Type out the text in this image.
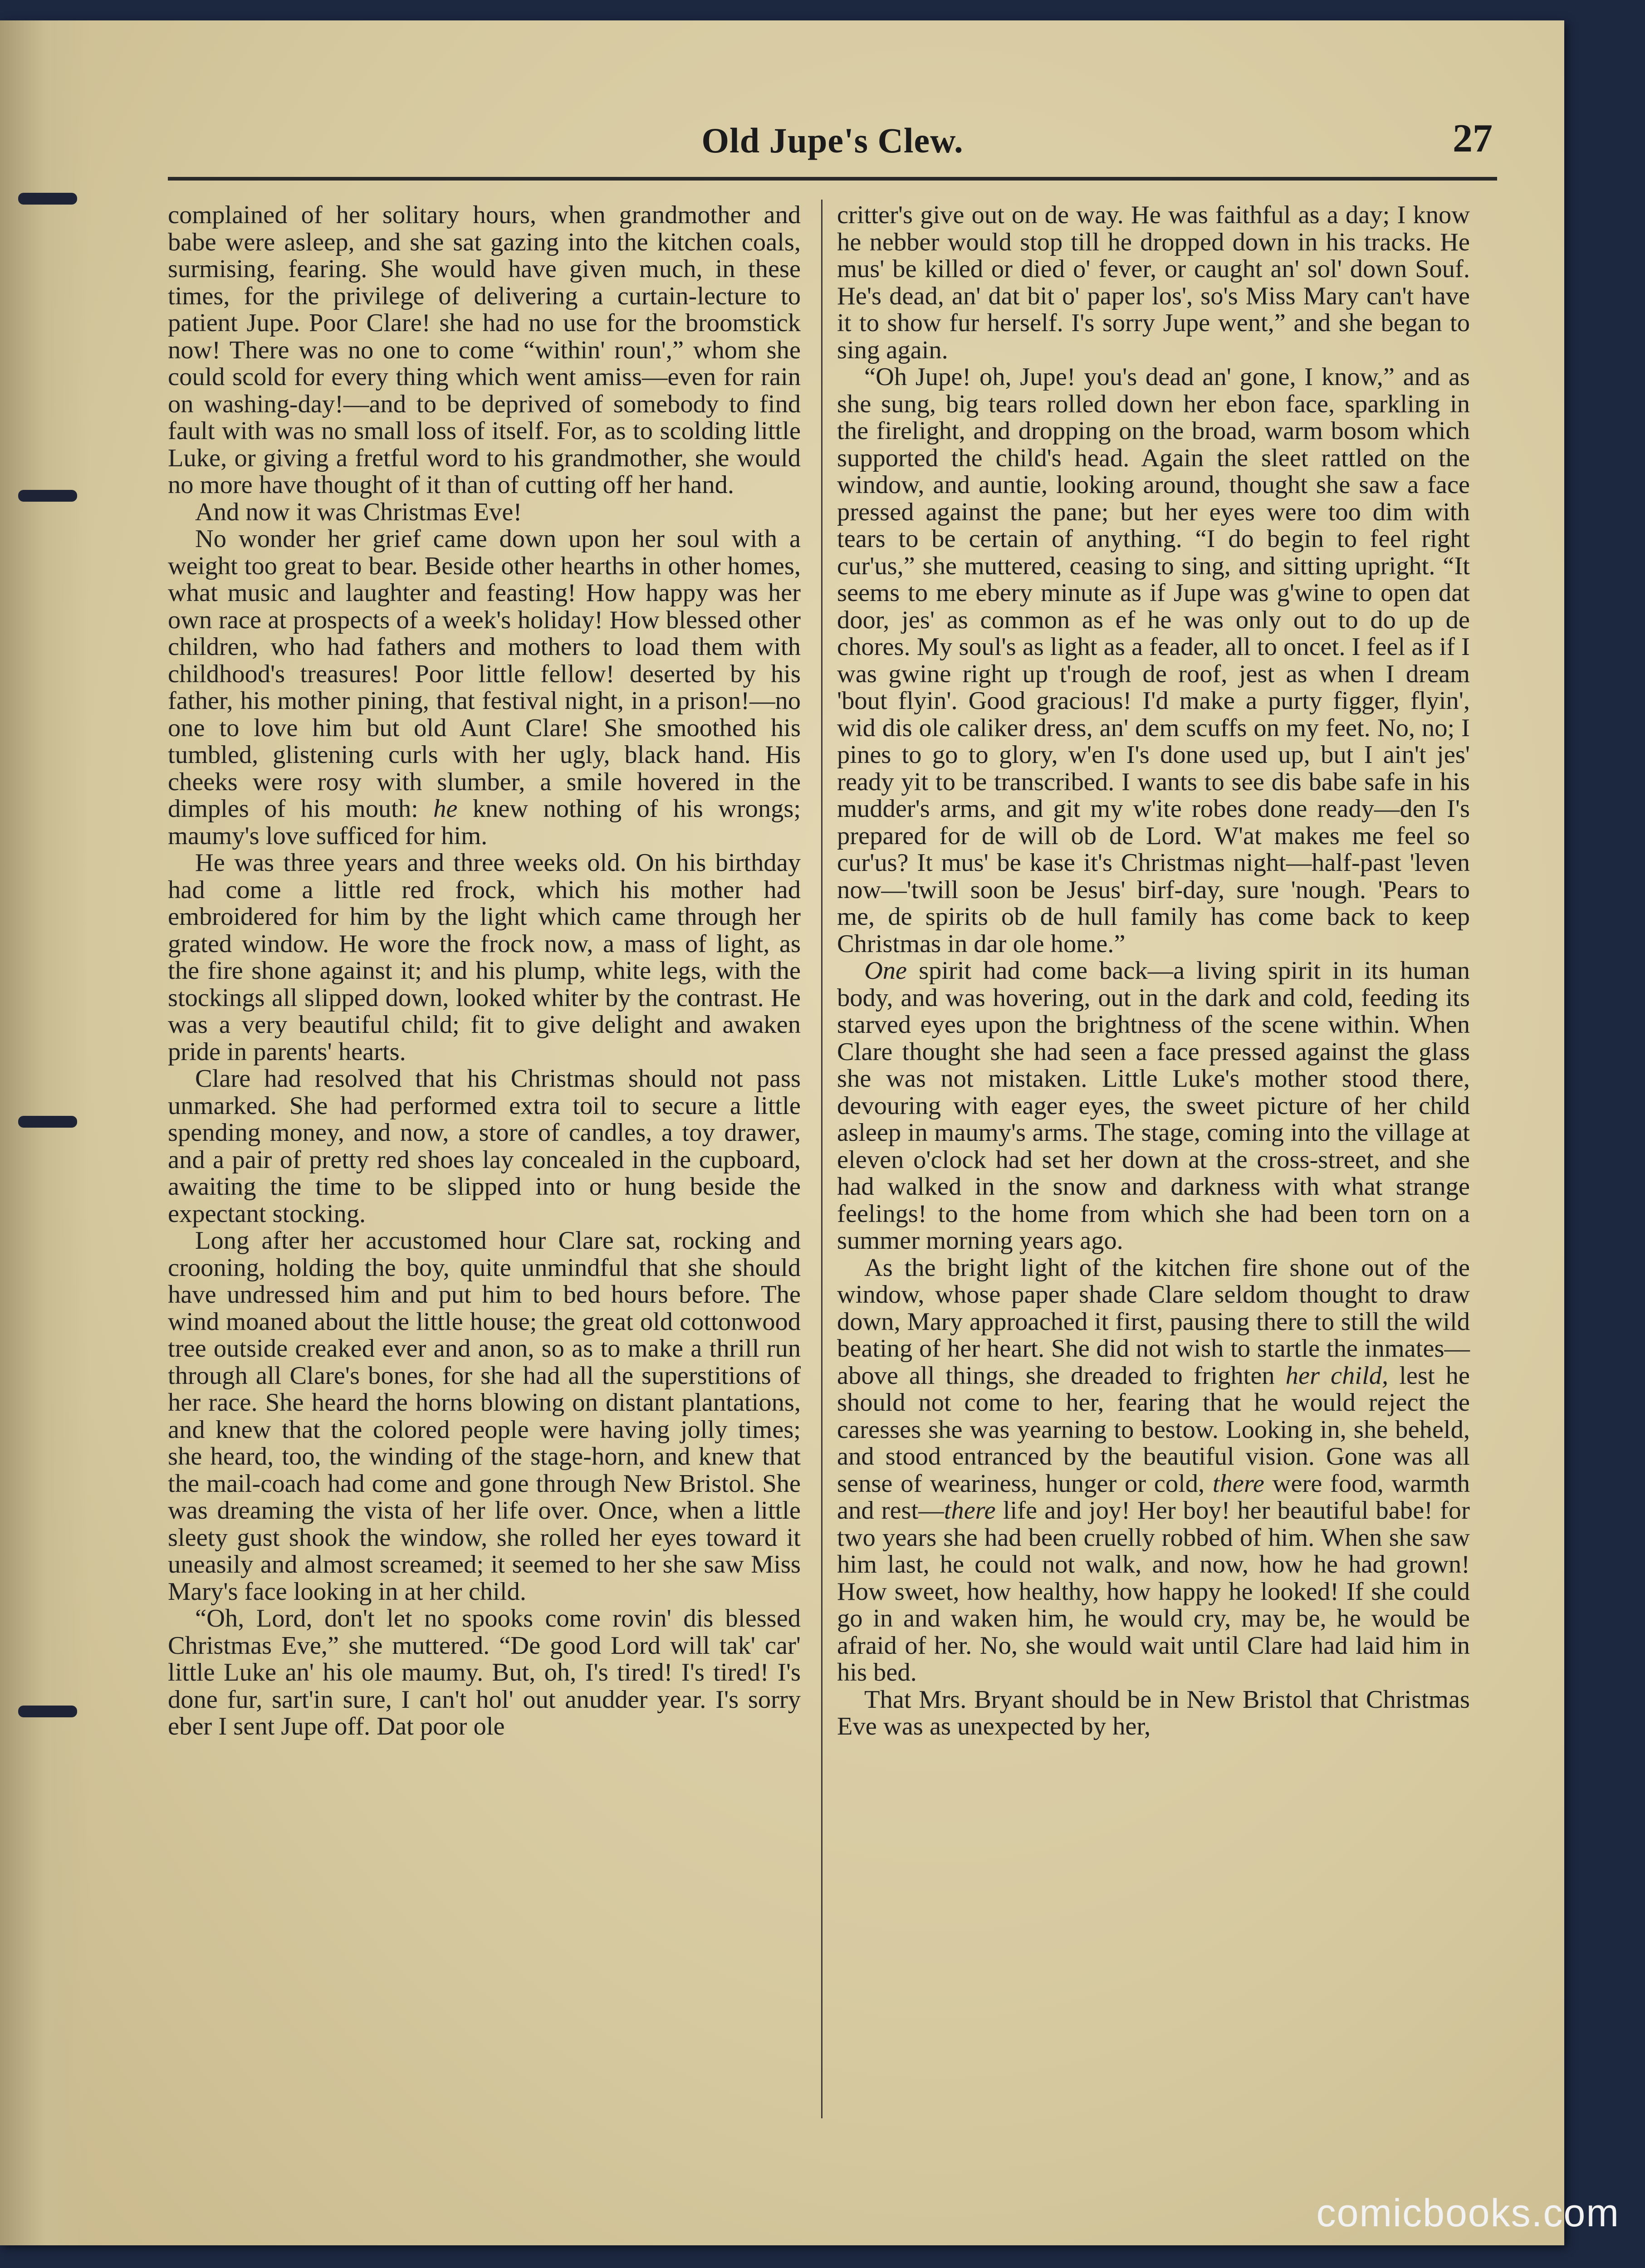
Old Jupe's Clew.	27

complained of her solitary hours, when grandmother and babe were asleep, and she sat gazing into the kitchen coals, surmising, fearing. She would have given much, in these times, for the privilege of delivering a curtain-lecture to patient Jupe. Poor Clare! she had no use for the broomstick now! There was no one to come “within' roun',” whom she could scold for every thing which went amiss—even for rain on washing-day!—and to be deprived of somebody to find fault with was no small loss of itself. For, as to scolding little Luke, or giving a fretful word to his grandmother, she would no more have thought of it than of cutting off her hand.

And now it was Christmas Eve!

No wonder her grief came down upon her soul with a weight too great to bear. Beside other hearths in other homes, what music and laughter and feasting! How happy was her own race at prospects of a week's holiday! How blessed other children, who had fathers and mothers to load them with childhood's treasures! Poor little fellow! deserted by his father, his mother pining, that festival night, in a prison!—no one to love him but old Aunt Clare! She smoothed his tumbled, glistening curls with her ugly, black hand. His cheeks were rosy with slumber, a smile hovered in the dimples of his mouth: he knew nothing of his wrongs; maumy's love sufficed for him.

He was three years and three weeks old. On his birthday had come a little red frock, which his mother had embroidered for him by the light which came through her grated window. He wore the frock now, a mass of light, as the fire shone against it; and his plump, white legs, with the stockings all slipped down, looked whiter by the contrast. He was a very beautiful child; fit to give delight and awaken pride in parents' hearts.

Clare had resolved that his Christmas should not pass unmarked. She had performed extra toil to secure a little spending money, and now, a store of candles, a toy drawer, and a pair of pretty red shoes lay concealed in the cupboard, awaiting the time to be slipped into or hung beside the expectant stocking.

Long after her accustomed hour Clare sat, rocking and crooning, holding the boy, quite unmindful that she should have undressed him and put him to bed hours before. The wind moaned about the little house; the great old cottonwood tree outside creaked ever and anon, so as to make a thrill run through all Clare's bones, for she had all the superstitions of her race. She heard the horns blowing on distant plantations, and knew that the colored people were having jolly times; she heard, too, the winding of the stage-horn, and knew that the mail-coach had come and gone through New Bristol. She was dreaming the vista of her life over. Once, when a little sleety gust shook the window, she rolled her eyes toward it uneasily and almost screamed; it seemed to her she saw Miss Mary's face looking in at her child.

“Oh, Lord, don't let no spooks come rovin' dis blessed Christmas Eve,” she muttered. “De good Lord will tak' car' little Luke an' his ole maumy. But, oh, I's tired! I's tired! I's done fur, sart'in sure, I can't hol' out anudder year. I's sorry eber I sent Jupe off. Dat poor ole

critter's give out on de way. He was faithful as a day; I know he nebber would stop till he dropped down in his tracks. He mus' be killed or died o' fever, or caught an' sol' down Souf. He's dead, an' dat bit o' paper los', so's Miss Mary can't have it to show fur herself. I's sorry Jupe went,” and she began to sing again.

“Oh Jupe! oh, Jupe! you's dead an' gone, I know,” and as she sung, big tears rolled down her ebon face, sparkling in the firelight, and dropping on the broad, warm bosom which supported the child's head. Again the sleet rattled on the window, and auntie, looking around, thought she saw a face pressed against the pane; but her eyes were too dim with tears to be certain of anything. “I do begin to feel right cur'us,” she muttered, ceasing to sing, and sitting upright. “It seems to me ebery minute as if Jupe was g'wine to open dat door, jes' as common as ef he was only out to do up de chores. My soul's as light as a feader, all to oncet. I feel as if I was gwine right up t'rough de roof, jest as when I dream 'bout flyin'. Good gracious! I'd make a purty figger, flyin', wid dis ole caliker dress, an' dem scuffs on my feet. No, no; I pines to go to glory, w'en I's done used up, but I ain't jes' ready yit to be transcribed. I wants to see dis babe safe in his mudder's arms, and git my w'ite robes done ready—den I's prepared for de will ob de Lord. W'at makes me feel so cur'us? It mus' be kase it's Christmas night—half-past 'leven now—'twill soon be Jesus' birf-day, sure 'nough. 'Pears to me, de spirits ob de hull family has come back to keep Christmas in dar ole home.”

One spirit had come back—a living spirit in its human body, and was hovering, out in the dark and cold, feeding its starved eyes upon the brightness of the scene within. When Clare thought she had seen a face pressed against the glass she was not mistaken. Little Luke's mother stood there, devouring with eager eyes, the sweet picture of her child asleep in maumy's arms. The stage, coming into the village at eleven o'clock had set her down at the cross-street, and she had walked in the snow and darkness with what strange feelings! to the home from which she had been torn on a summer morning years ago.

As the bright light of the kitchen fire shone out of the window, whose paper shade Clare seldom thought to draw down, Mary approached it first, pausing there to still the wild beating of her heart. She did not wish to startle the inmates—above all things, she dreaded to frighten her child, lest he should not come to her, fearing that he would reject the caresses she was yearning to bestow. Looking in, she beheld, and stood entranced by the beautiful vision. Gone was all sense of weariness, hunger or cold, there were food, warmth and rest—there life and joy! Her boy! her beautiful babe! for two years she had been cruelly robbed of him. When she saw him last, he could not walk, and now, how he had grown! How sweet, how healthy, how happy he looked! If she could go in and waken him, he would cry, may be, he would be afraid of her. No, she would wait until Clare had laid him in his bed.

That Mrs. Bryant should be in New Bristol that Christmas Eve was as unexpected by her,

comicbooks.com
